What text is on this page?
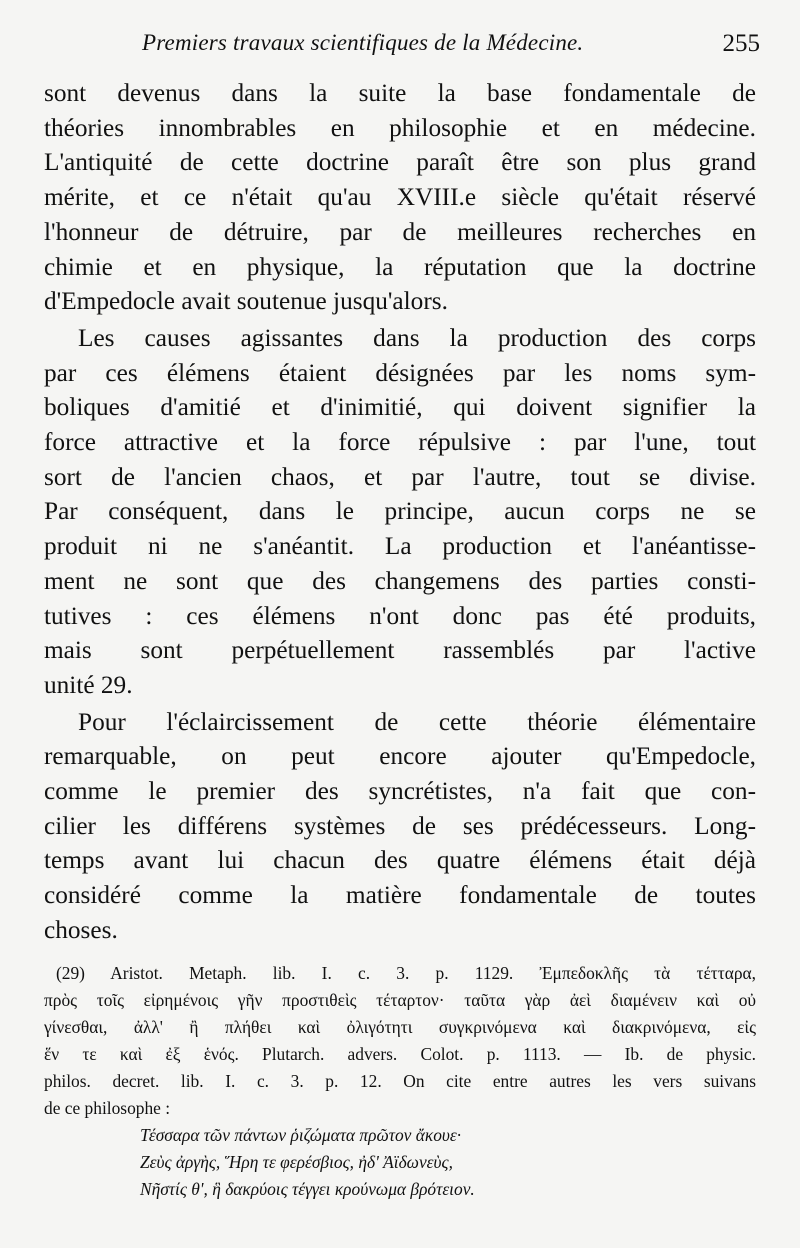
Premiers travaux scientifiques de la Médecine.	255
sont devenus dans la suite la base fondamentale de
théories innombrables en philosophie et en médecine.
L'antiquité de cette doctrine paraît être son plus grand
mérite, et ce n'était qu'au XVIII.e siècle qu'était réservé
l'honneur de détruire, par de meilleures recherches en
chimie et en physique, la réputation que la doctrine
d'Empedocle avait soutenue jusqu'alors.
Les causes agissantes dans la production des corps
par ces élémens étaient désignées par les noms sym-
boliques d'amitié et d'inimitié, qui doivent signifier la
force attractive et la force répulsive : par l'une, tout
sort de l'ancien chaos, et par l'autre, tout se divise.
Par conséquent, dans le principe, aucun corps ne se
produit ni ne s'anéantit. La production et l'anéantisse-
ment ne sont que des changemens des parties consti-
tutives : ces élémens n'ont donc pas été produits,
mais sont perpétuellement rassemblés par l'active
unité 29.
Pour l'éclaircissement de cette théorie élémentaire
remarquable, on peut encore ajouter qu'Empedocle,
comme le premier des syncrétistes, n'a fait que con-
cilier les différens systèmes de ses prédécesseurs. Long-
temps avant lui chacun des quatre élémens était déjà
considéré comme la matière fondamentale de toutes
choses.
(29) Aristot. Metaph. lib. I. c. 3. p. 1129. Ἐμπεδοκλῆς τὰ τέτταρα,
πρὸς τοῖς εἰρημένοις γῆν προστιθεὶς τέταρτον· ταῦτα γὰρ ἀεὶ διαμένειν καὶ οὐ
γίνεσθαι, ἀλλ' ἢ πλήθει καὶ ὀλιγότητι συγκρινόμενα καὶ διακρινόμενα, εἰς
ἕν τε καὶ ἐξ ἑνός. Plutarch. advers. Colot. p. 1113. — Ib. de physic.
philos. decret. lib. I. c. 3. p. 12. On cite entre autres les vers suivans
de ce philosophe :
Τέσσαρα τῶν πάντων ῥιζώματα πρῶτον ἄκουε·
Ζεὺς ἀργὴς, Ἥρη τε φερέσβιος, ἠδ' Ἀϊδωνεὺς,
Νῆστίς θ', ἣ δακρύοις τέγγει κρούνωμα βρότειον.
